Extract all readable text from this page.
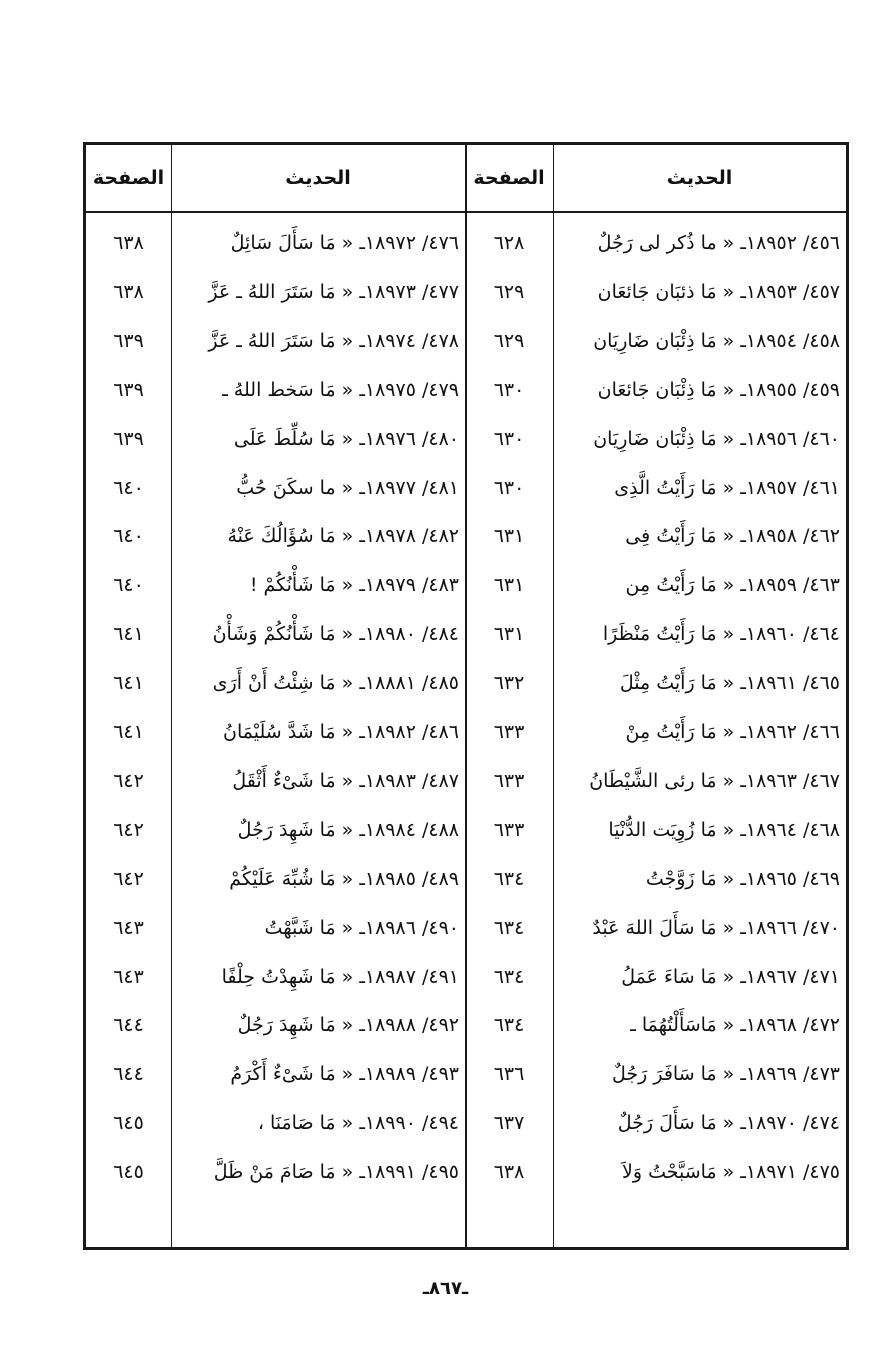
الحديث
الصفحة
الحديث
الصفحة
٤٥٦/ ١٨٩٥٢ـ « ما ذُكر لى رَجُلٌ
٦٢٨
٤٥٧/ ١٨٩٥٣ـ « مَا ذئبَان جَائعَان
٦٢٩
٤٥٨/ ١٨٩٥٤ـ « مَا ذِئْبَان ضَارِيَان
٦٢٩
٤٥٩/ ١٨٩٥٥ـ « مَا ذِئْبَان جَائعَان
٦٣٠
٤٦٠/ ١٨٩٥٦ـ « مَا ذِئْبَان ضَارِيَان
٦٣٠
٤٦١/ ١٨٩٥٧ـ « مَا رَأَيْتُ الَّذِى
٦٣٠
٤٦٢/ ١٨٩٥٨ـ « مَا رَأَيْتُ فِى
٦٣١
٤٦٣/ ١٨٩٥٩ـ « مَا رَأَيْتُ مِن
٦٣١
٤٦٤/ ١٨٩٦٠ـ « مَا رَأَيْتُ مَنْظَرًا
٦٣١
٤٦٥/ ١٨٩٦١ـ « مَا رَأَيْتُ مِثْلَ
٦٣٢
٤٦٦/ ١٨٩٦٢ـ « مَا رَأَيْتُ مِنْ
٦٣٣
٤٦٧/ ١٨٩٦٣ـ « مَا رئى الشَّيْطَانُ
٦٣٣
٤٦٨/ ١٨٩٦٤ـ « مَا زُوِيَت الدُّنْيَا
٦٣٣
٤٦٩/ ١٨٩٦٥ـ « مَا زَوَّجْتُ
٦٣٤
٤٧٠/ ١٨٩٦٦ـ « مَا سَأَلَ اللهَ عَبْدٌ
٦٣٤
٤٧١/ ١٨٩٦٧ـ « مَا سَاءَ عَمَلُ
٦٣٤
٤٧٢/ ١٨٩٦٨ـ « مَاسَأَلْتُهُمَا ـ
٦٣٤
٤٧٣/ ١٨٩٦٩ـ « مَا سَافَرَ رَجُلٌ
٦٣٦
٤٧٤/ ١٨٩٧٠ـ « مَا سَأَلَ رَجُلٌ
٦٣٧
٤٧٥/ ١٨٩٧١ـ « مَاسَبَّحْتُ وَلاَ
٦٣٨
٤٧٦/ ١٨٩٧٢ـ « مَا سَأَلَ سَائِلٌ
٦٣٨
٤٧٧/ ١٨٩٧٣ـ « مَا سَتَرَ اللهُ ـ عَزَّ
٦٣٨
٤٧٨/ ١٨٩٧٤ـ « مَا سَتَرَ اللهُ ـ عَزَّ
٦٣٩
٤٧٩/ ١٨٩٧٥ـ « مَا سَخط اللهُ ـ
٦٣٩
٤٨٠/ ١٨٩٧٦ـ « مَا سُلِّطَ عَلَى
٦٣٩
٤٨١/ ١٨٩٧٧ـ « ما سكَنَ حُبُّ
٦٤٠
٤٨٢/ ١٨٩٧٨ـ « مَا سُؤَالُكَ عَنْهُ
٦٤٠
٤٨٣/ ١٨٩٧٩ـ « مَا شَأْنُكُمْ !
٦٤٠
٤٨٤/ ١٨٩٨٠ـ « مَا شَأْنُكُمْ وَشَأْنُ
٦٤١
٤٨٥/ ١٨٨٨١ـ « مَا شِئْتُ أَنْ أَرَى
٦٤١
٤٨٦/ ١٨٩٨٢ـ « مَا شَدَّ سُلَيْمَانُ
٦٤١
٤٨٧/ ١٨٩٨٣ـ « مَا شَىْءٌ أَثْقَلُ
٦٤٢
٤٨٨/ ١٨٩٨٤ـ « مَا شَهِدَ رَجُلٌ
٦٤٢
٤٨٩/ ١٨٩٨٥ـ « مَا شُبِّهَ عَلَيْكُمْ
٦٤٢
٤٩٠/ ١٨٩٨٦ـ « مَا شَبَّهْتُ
٦٤٣
٤٩١/ ١٨٩٨٧ـ « مَا شَهِدْتُ حِلْفًا
٦٤٣
٤٩٢/ ١٨٩٨٨ـ « مَا شَهِدَ رَجُلٌ
٦٤٤
٤٩٣/ ١٨٩٨٩ـ « مَا شَىْءٌ أَكْرَمُ
٦٤٤
٤٩٤/ ١٨٩٩٠ـ « مَا صَامَنَا ،
٦٤٥
٤٩٥/ ١٨٩٩١ـ « مَا صَامَ مَنْ ظَلَّ
٦٤٥
ـ٨٦٧ـ
